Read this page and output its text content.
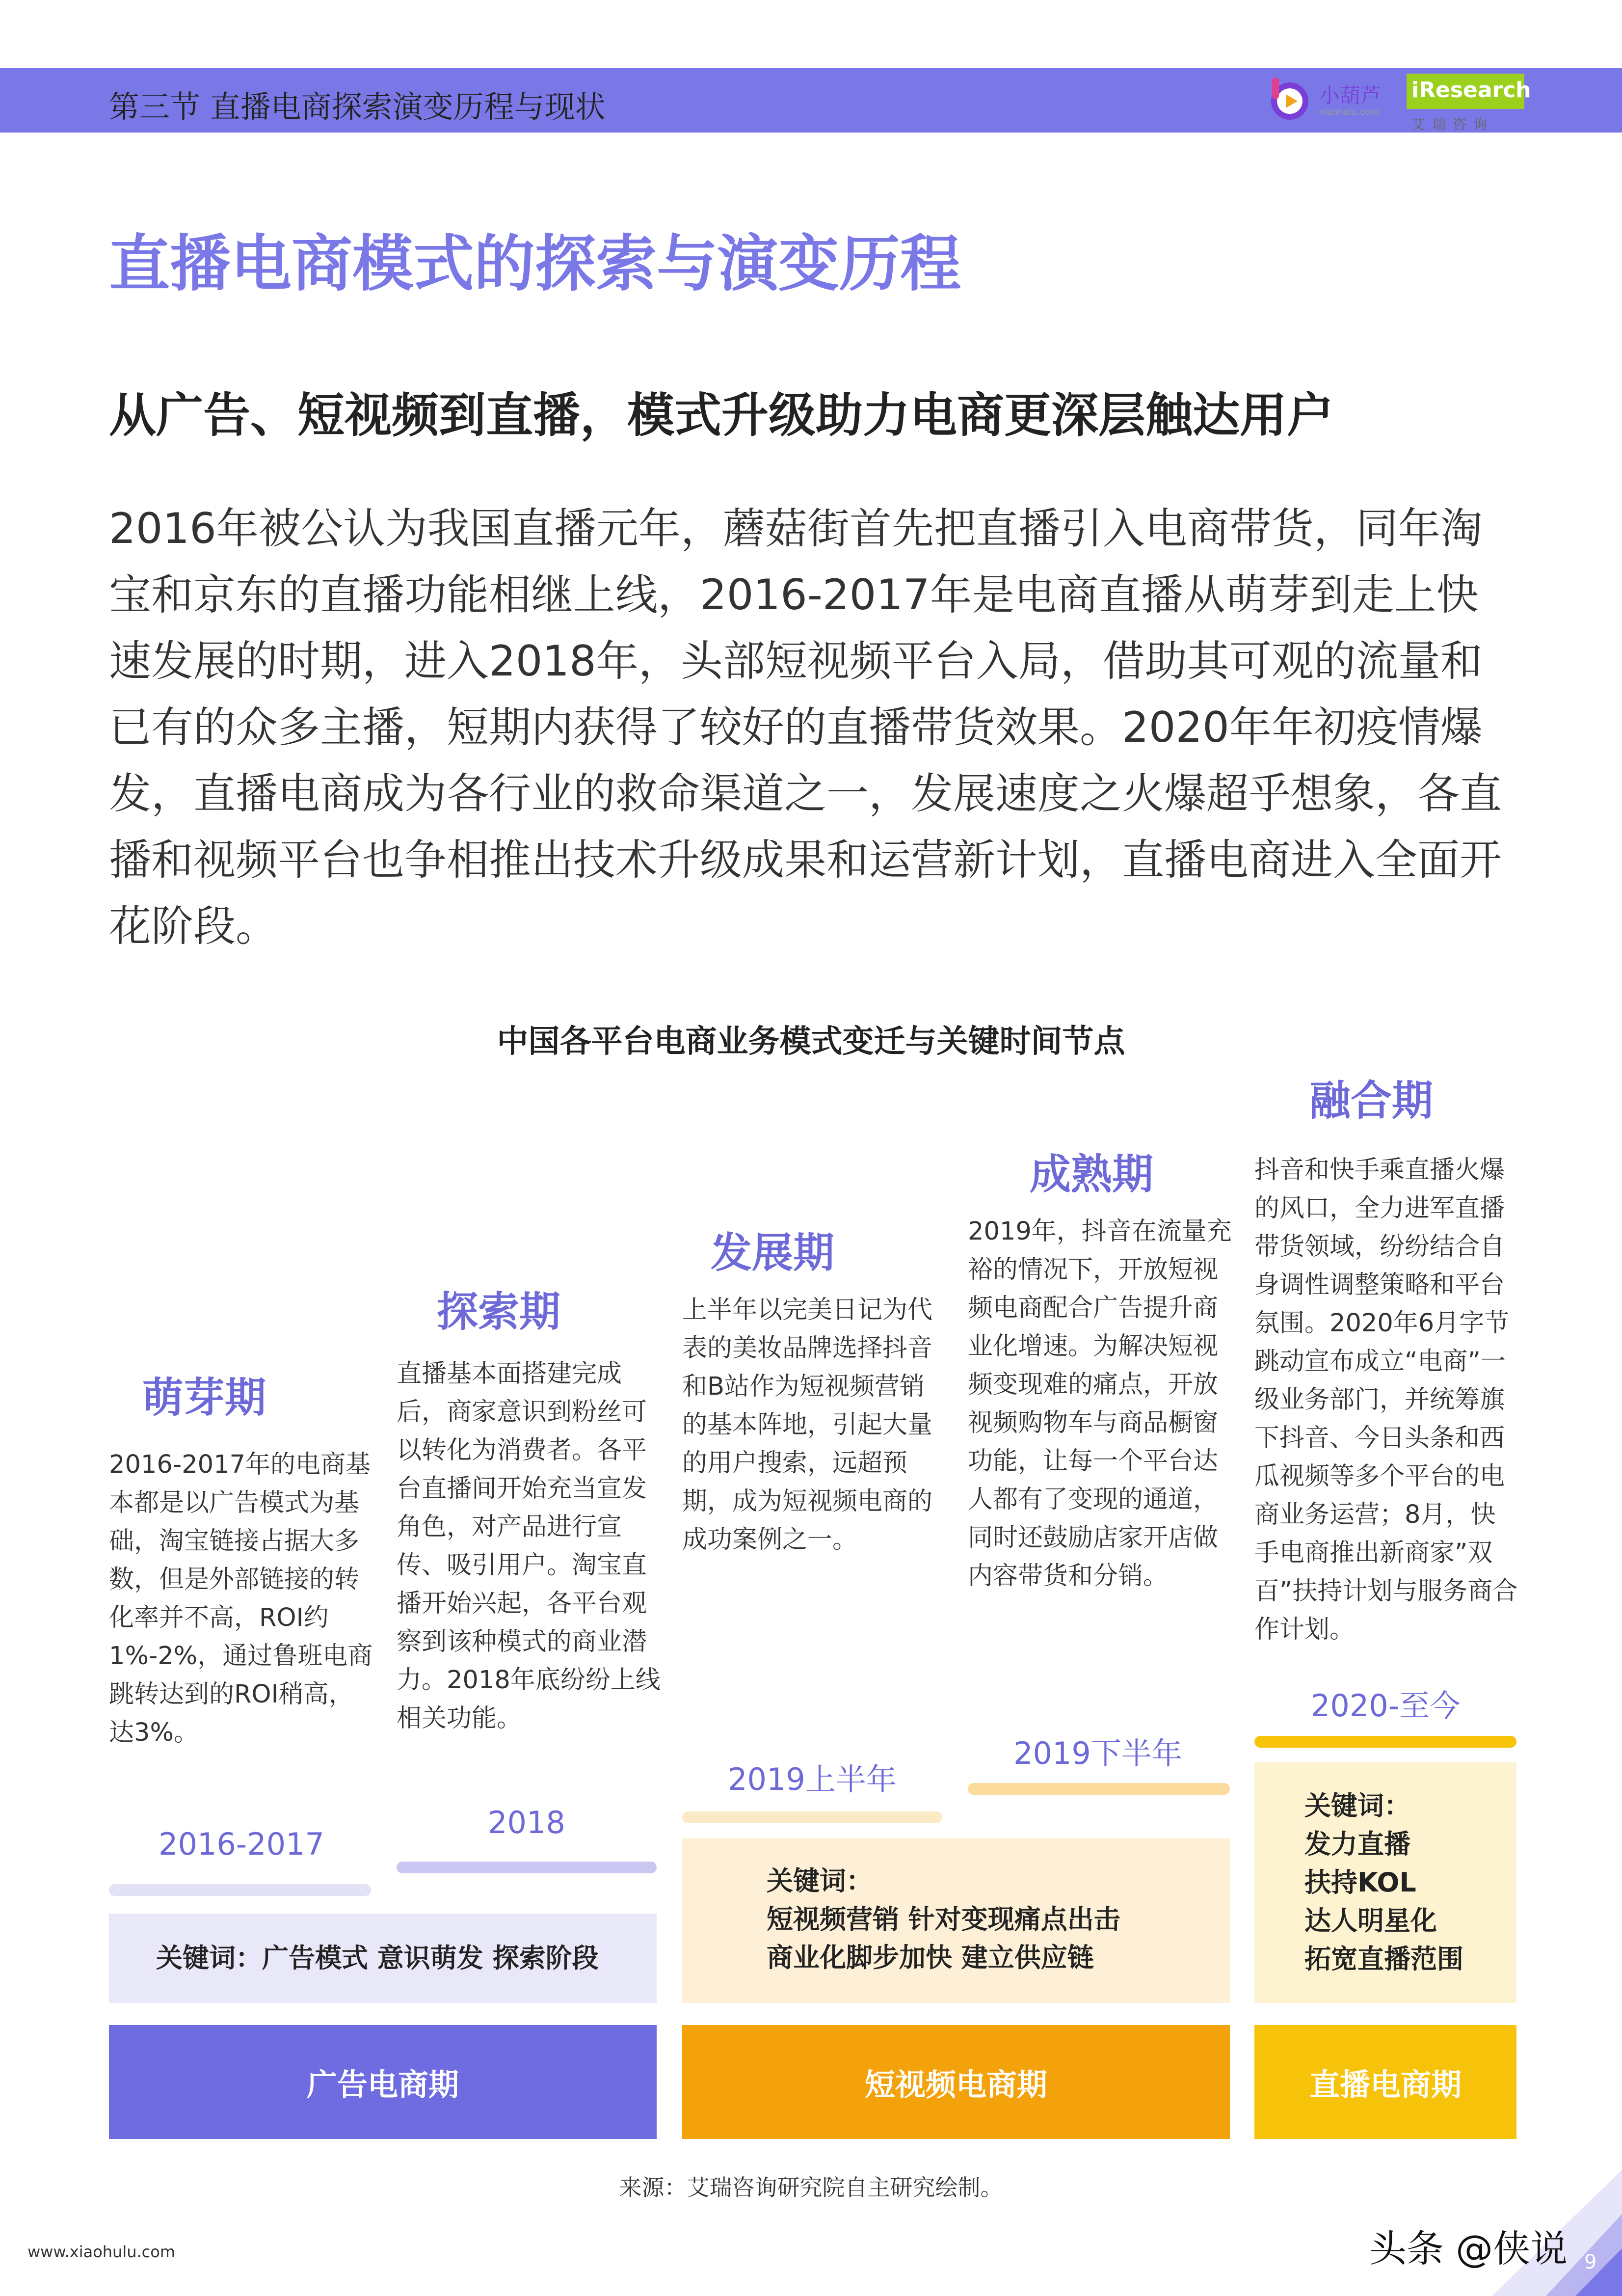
第三节 直播电商探索演变历程与现状	小葫芦
xiaohulu.com
iResearch
艾瑞咨询
直播电商模式的探索与演变历程
从广告、短视频到直播，模式升级助力电商更深层触达用户
2016年被公认为我国直播元年，蘑菇街首先把直播引入电商带货，同年淘宝和京东的直播功能相继上线，2016-2017年是电商直播从萌芽到走上快速发展的时期，进入2018年，头部短视频平台入局，借助其可观的流量和已有的众多主播，短期内获得了较好的直播带货效果。2020年年初疫情爆发，直播电商成为各行业的救命渠道之一，发展速度之火爆超乎想象，各直播和视频平台也争相推出技术升级成果和运营新计划，直播电商进入全面开花阶段。
中国各平台电商业务模式变迁与关键时间节点
萌芽期
2016-2017年的电商基本都是以广告模式为基础，淘宝链接占据大多数，但是外部链接的转化率并不高，ROI约1%-2%，通过鲁班电商跳转达到的ROI稍高，达3%。
探索期
直播基本面搭建完成后，商家意识到粉丝可以转化为消费者。各平台直播间开始充当宣发角色，对产品进行宣传、吸引用户。淘宝直播开始兴起，各平台观察到该种模式的商业潜力。2018年底纷纷上线相关功能。
发展期
上半年以完美日记为代表的美妆品牌选择抖音和B站作为短视频营销的基本阵地，引起大量的用户搜索，远超预期，成为短视频电商的成功案例之一。
成熟期
2019年，抖音在流量充裕的情况下，开放短视频电商配合广告提升商业化增速。为解决短视频变现难的痛点，开放视频购物车与商品橱窗功能，让每一个平台达人都有了变现的通道，同时还鼓励店家开店做内容带货和分销。
融合期
抖音和快手乘直播火爆的风口，全力进军直播带货领域，纷纷结合自身调性调整策略和平台氛围。2020年6月字节跳动宣布成立“电商”一级业务部门，并统筹旗下抖音、今日头条和西瓜视频等多个平台的电商业务运营；8月，快手电商推出新商家”双百”扶持计划与服务商合作计划。
2016-2017
2018
2019上半年
2019下半年
2020-至今
关键词：广告模式 意识萌发 探索阶段
关键词：
短视频营销 针对变现痛点出击
商业化脚步加快 建立供应链
关键词：
发力直播
扶持KOL
达人明星化
拓宽直播范围
广告电商期	短视频电商期	直播电商期
来源：艾瑞咨询研究院自主研究绘制。
www.xiaohulu.com	头条 @侠说 9
